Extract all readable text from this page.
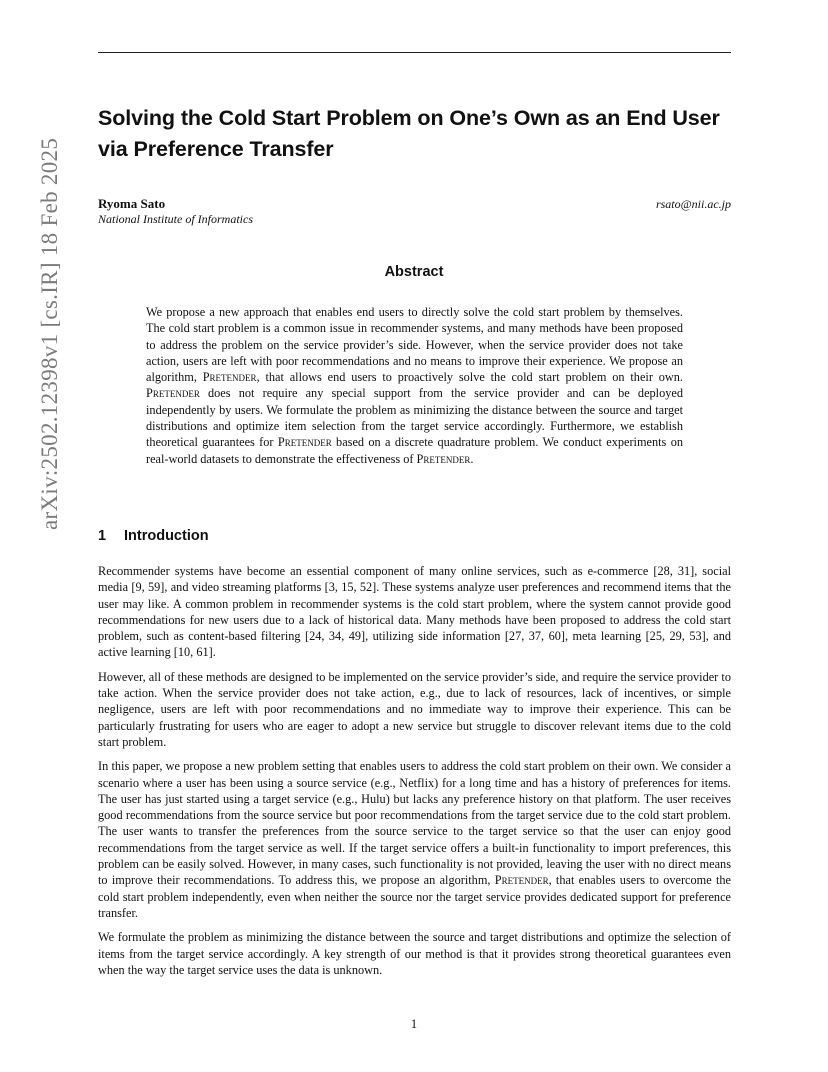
arXiv:2502.12398v1 [cs.IR] 18 Feb 2025
Solving the Cold Start Problem on One’s Own as an End User via Preference Transfer
Ryoma Sato
National Institute of Informatics
rsato@nii.ac.jp
Abstract

We propose a new approach that enables end users to directly solve the cold start problem by themselves. The cold start problem is a common issue in recommender systems, and many methods have been proposed to address the problem on the service provider’s side. However, when the service provider does not take action, users are left with poor recommendations and no means to improve their experience. We propose an algorithm, Pretender, that allows end users to proactively solve the cold start problem on their own. Pretender does not require any special support from the service provider and can be deployed independently by users. We formulate the problem as minimizing the distance between the source and target distributions and optimize item selection from the target service accordingly. Furthermore, we establish theoretical guarantees for Pretender based on a discrete quadrature problem. We conduct experiments on real-world datasets to demonstrate the effectiveness of Pretender.

1 Introduction

Recommender systems have become an essential component of many online services, such as e-commerce [28, 31], social media [9, 59], and video streaming platforms [3, 15, 52]. These systems analyze user preferences and recommend items that the user may like. A common problem in recommender systems is the cold start problem, where the system cannot provide good recommendations for new users due to a lack of historical data. Many methods have been proposed to address the cold start problem, such as content-based filtering [24, 34, 49], utilizing side information [27, 37, 60], meta learning [25, 29, 53], and active learning [10, 61].

However, all of these methods are designed to be implemented on the service provider’s side, and require the service provider to take action. When the service provider does not take action, e.g., due to lack of resources, lack of incentives, or simple negligence, users are left with poor recommendations and no immediate way to improve their experience. This can be particularly frustrating for users who are eager to adopt a new service but struggle to discover relevant items due to the cold start problem.

In this paper, we propose a new problem setting that enables users to address the cold start problem on their own. We consider a scenario where a user has been using a source service (e.g., Netflix) for a long time and has a history of preferences for items. The user has just started using a target service (e.g., Hulu) but lacks any preference history on that platform. The user receives good recommendations from the source service but poor recommendations from the target service due to the cold start problem. The user wants to transfer the preferences from the source service to the target service so that the user can enjoy good recommendations from the target service as well. If the target service offers a built-in functionality to import preferences, this problem can be easily solved. However, in many cases, such functionality is not provided, leaving the user with no direct means to improve their recommendations. To address this, we propose an algorithm, Pretender, that enables users to overcome the cold start problem independently, even when neither the source nor the target service provides dedicated support for preference transfer.

We formulate the problem as minimizing the distance between the source and target distributions and optimize the selection of items from the target service accordingly. A key strength of our method is that it provides strong theoretical guarantees even when the way the target service uses the data is unknown.

1
